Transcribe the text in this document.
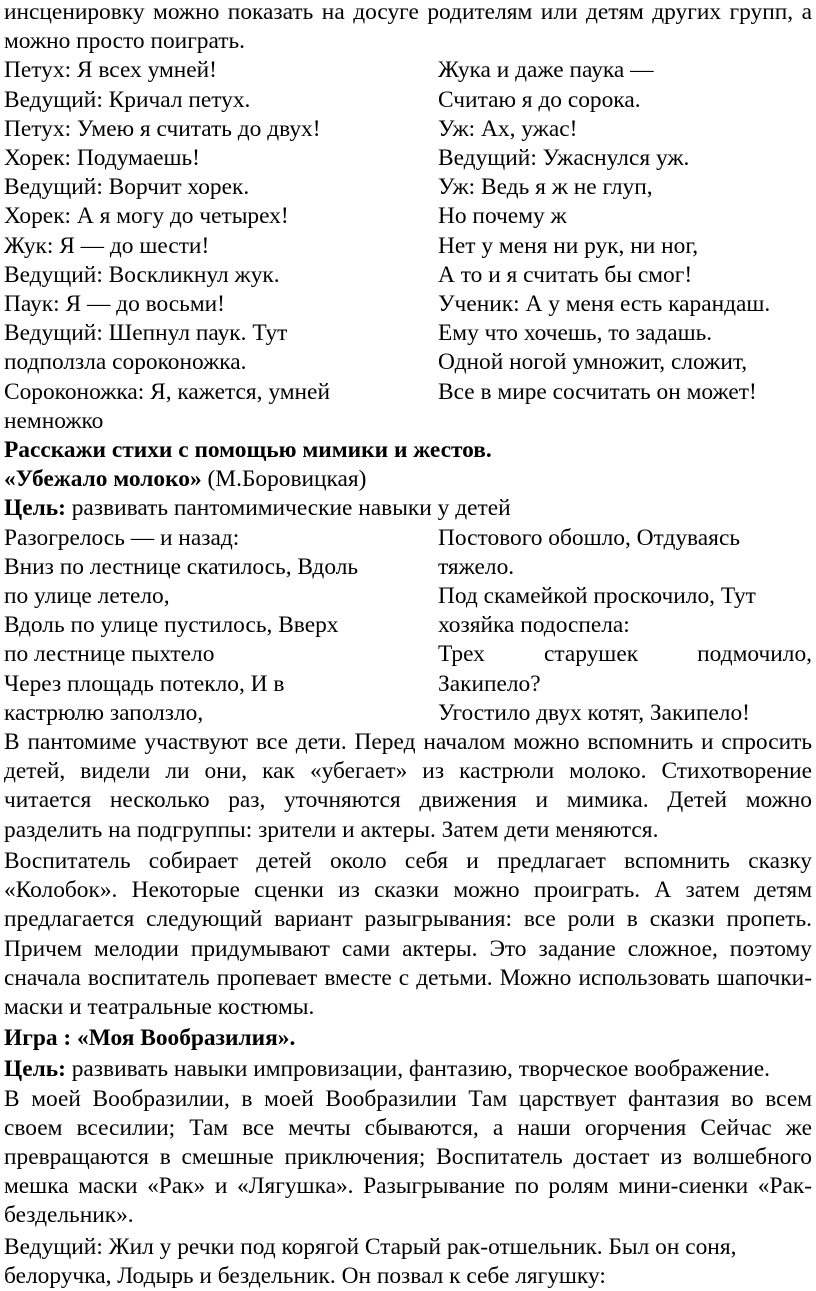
инсценировку можно показать на досуге родителям или детям других групп, а можно просто поиграть.

Петух: Я всех умней!
Ведущий: Кричал петух.
Петух: Умею я считать до двух!
Хорек: Подумаешь!
Ведущий: Ворчит хорек.
Хорек: А я могу до четырех!
Жук: Я — до шести!
Ведущий: Воскликнул жук.
Паук: Я — до восьми!
Ведущий: Шепнул паук. Тут подползла сороконожка.
Сороконожка: Я, кажется, умней немножко
Жука и даже паука —
Считаю я до сорока.
Уж: Ах, ужас!
Ведущий: Ужаснулся уж.
Уж: Ведь я ж не глуп,
Но почему ж
Нет у меня ни рук, ни ног,
А то и я считать бы смог!
Ученик: А у меня есть карандаш.
Ему что хочешь, то задашь.
Одной ногой умножит, сложит,
Все в мире сосчитать он может!

Расскажи стихи с помощью мимики и жестов.

«Убежало молоко» (М.Боровицкая)

Цель: развивать пантомимические навыки у детей

Разогрелось — и назад:
Вниз по лестнице скатилось, Вдоль по улице летело,
Вдоль по улице пустилось, Вверх по лестнице пыхтело
Через площадь потекло, И в кастрюлю заползло,
Постового обошло, Отдуваясь тяжело.
Под скамейкой проскочило, Тут хозяйка подоспела:
Трех старушек подмочило, Закипело?
Угостило двух котят, Закипело!

В пантомиме участвуют все дети. Перед началом можно вспомнить и спросить детей, видели ли они, как «убегает» из кастрюли молоко. Стихотворение читается несколько раз, уточняются движения и мимика. Детей можно разделить на подгруппы: зрители и актеры. Затем дети меняются.

Воспитатель собирает детей около себя и предлагает вспомнить сказку «Колобок». Некоторые сценки из сказки можно проиграть. А затем детям предлагается следующий вариант разыгрывания: все роли в сказки пропеть. Причем мелодии придумывают сами актеры. Это задание сложное, поэтому сначала воспитатель пропевает вместе с детьми. Можно использовать шапочки-маски и театральные костюмы.

Игра : «Моя Вообразилия».

Цель: развивать навыки импровизации, фантазию, творческое воображение.

В моей Вообразилии, в моей Вообразилии Там царствует фантазия во всем своем всесилии; Там все мечты сбываются, а наши огорчения Сейчас же превращаются в смешные приключения; Воспитатель достает из волшебного мешка маски «Рак» и «Лягушка». Разыгрывание по ролям мини-сиенки «Рак-бездельник».

Ведущий: Жил у речки под корягой Старый рак-отшельник. Был он соня, белоручка, Лодырь и бездельник. Он позвал к себе лягушку:
